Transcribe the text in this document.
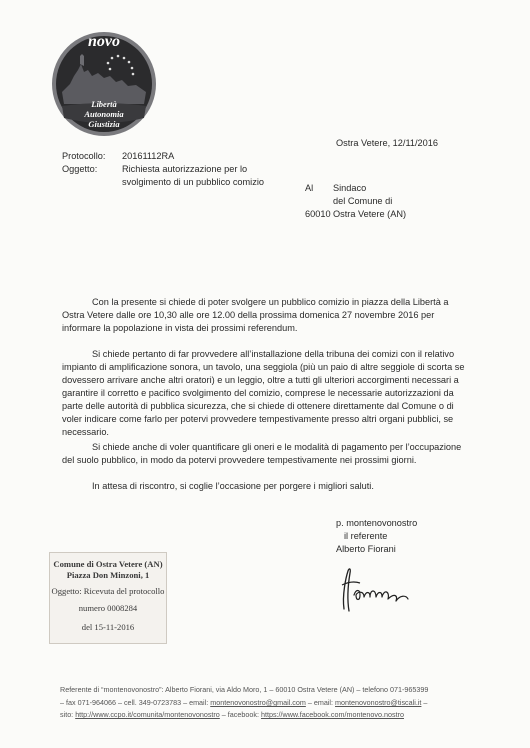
novo
Libertà
Autonomia
Giustizia
Ostra Vetere, 12/11/2016
Protocollo: 20161112RA
Oggetto:	Richiesta autorizzazione per lo
svolgimento di un pubblico comizio
Al Sindaco
del Comune di
60010 Ostra Vetere (AN)
Con la presente si chiede di poter svolgere un pubblico comizio in piazza della Libertà a
Ostra Vetere dalle ore 10,30 alle ore 12.00 della prossima domenica 27 novembre 2016 per
informare la popolazione in vista dei prossimi referendum.
Si chiede pertanto di far provvedere all’installazione della tribuna dei comizi con il relativo
impianto di amplificazione sonora, un tavolo, una seggiola (più un paio di altre seggiole di scorta se
dovessero arrivare anche altri oratori) e un leggio, oltre a tutti gli ulteriori accorgimenti necessari a
garantire il corretto e pacifico svolgimento del comizio, comprese le necessarie autorizzazioni da
parte delle autorità di pubblica sicurezza, che si chiede di ottenere direttamente dal Comune o di
voler indicare come farlo per potervi provvedere tempestivamente presso altri organi pubblici, se
necessario.
Si chiede anche di voler quantificare gli oneri e le modalità di pagamento per l’occupazione
del suolo pubblico, in modo da potervi provvedere tempestivamente nei prossimi giorni.
In attesa di riscontro, si coglie l’occasione per porgere i migliori saluti.
p. montenovonostro
il referente
Alberto Fiorani
Comune di Ostra Vetere (AN)
Piazza Don Minzoni, 1
Oggetto: Ricevuta del protocollo
numero 0008284
del 15-11-2016
Referente di “montenovonostro”: Alberto Fiorani, via Aldo Moro, 1 – 60010 Ostra Vetere (AN) – telefono 071-965399
– fax 071-964066 – cell. 349-0723783 – email: montenovonostro@gmail.com – email: montenovonostro@tiscali.it –
sito: http://www.ccpo.it/comunita/montenovonostro – facebook: https://www.facebook.com/montenovo.nostro
